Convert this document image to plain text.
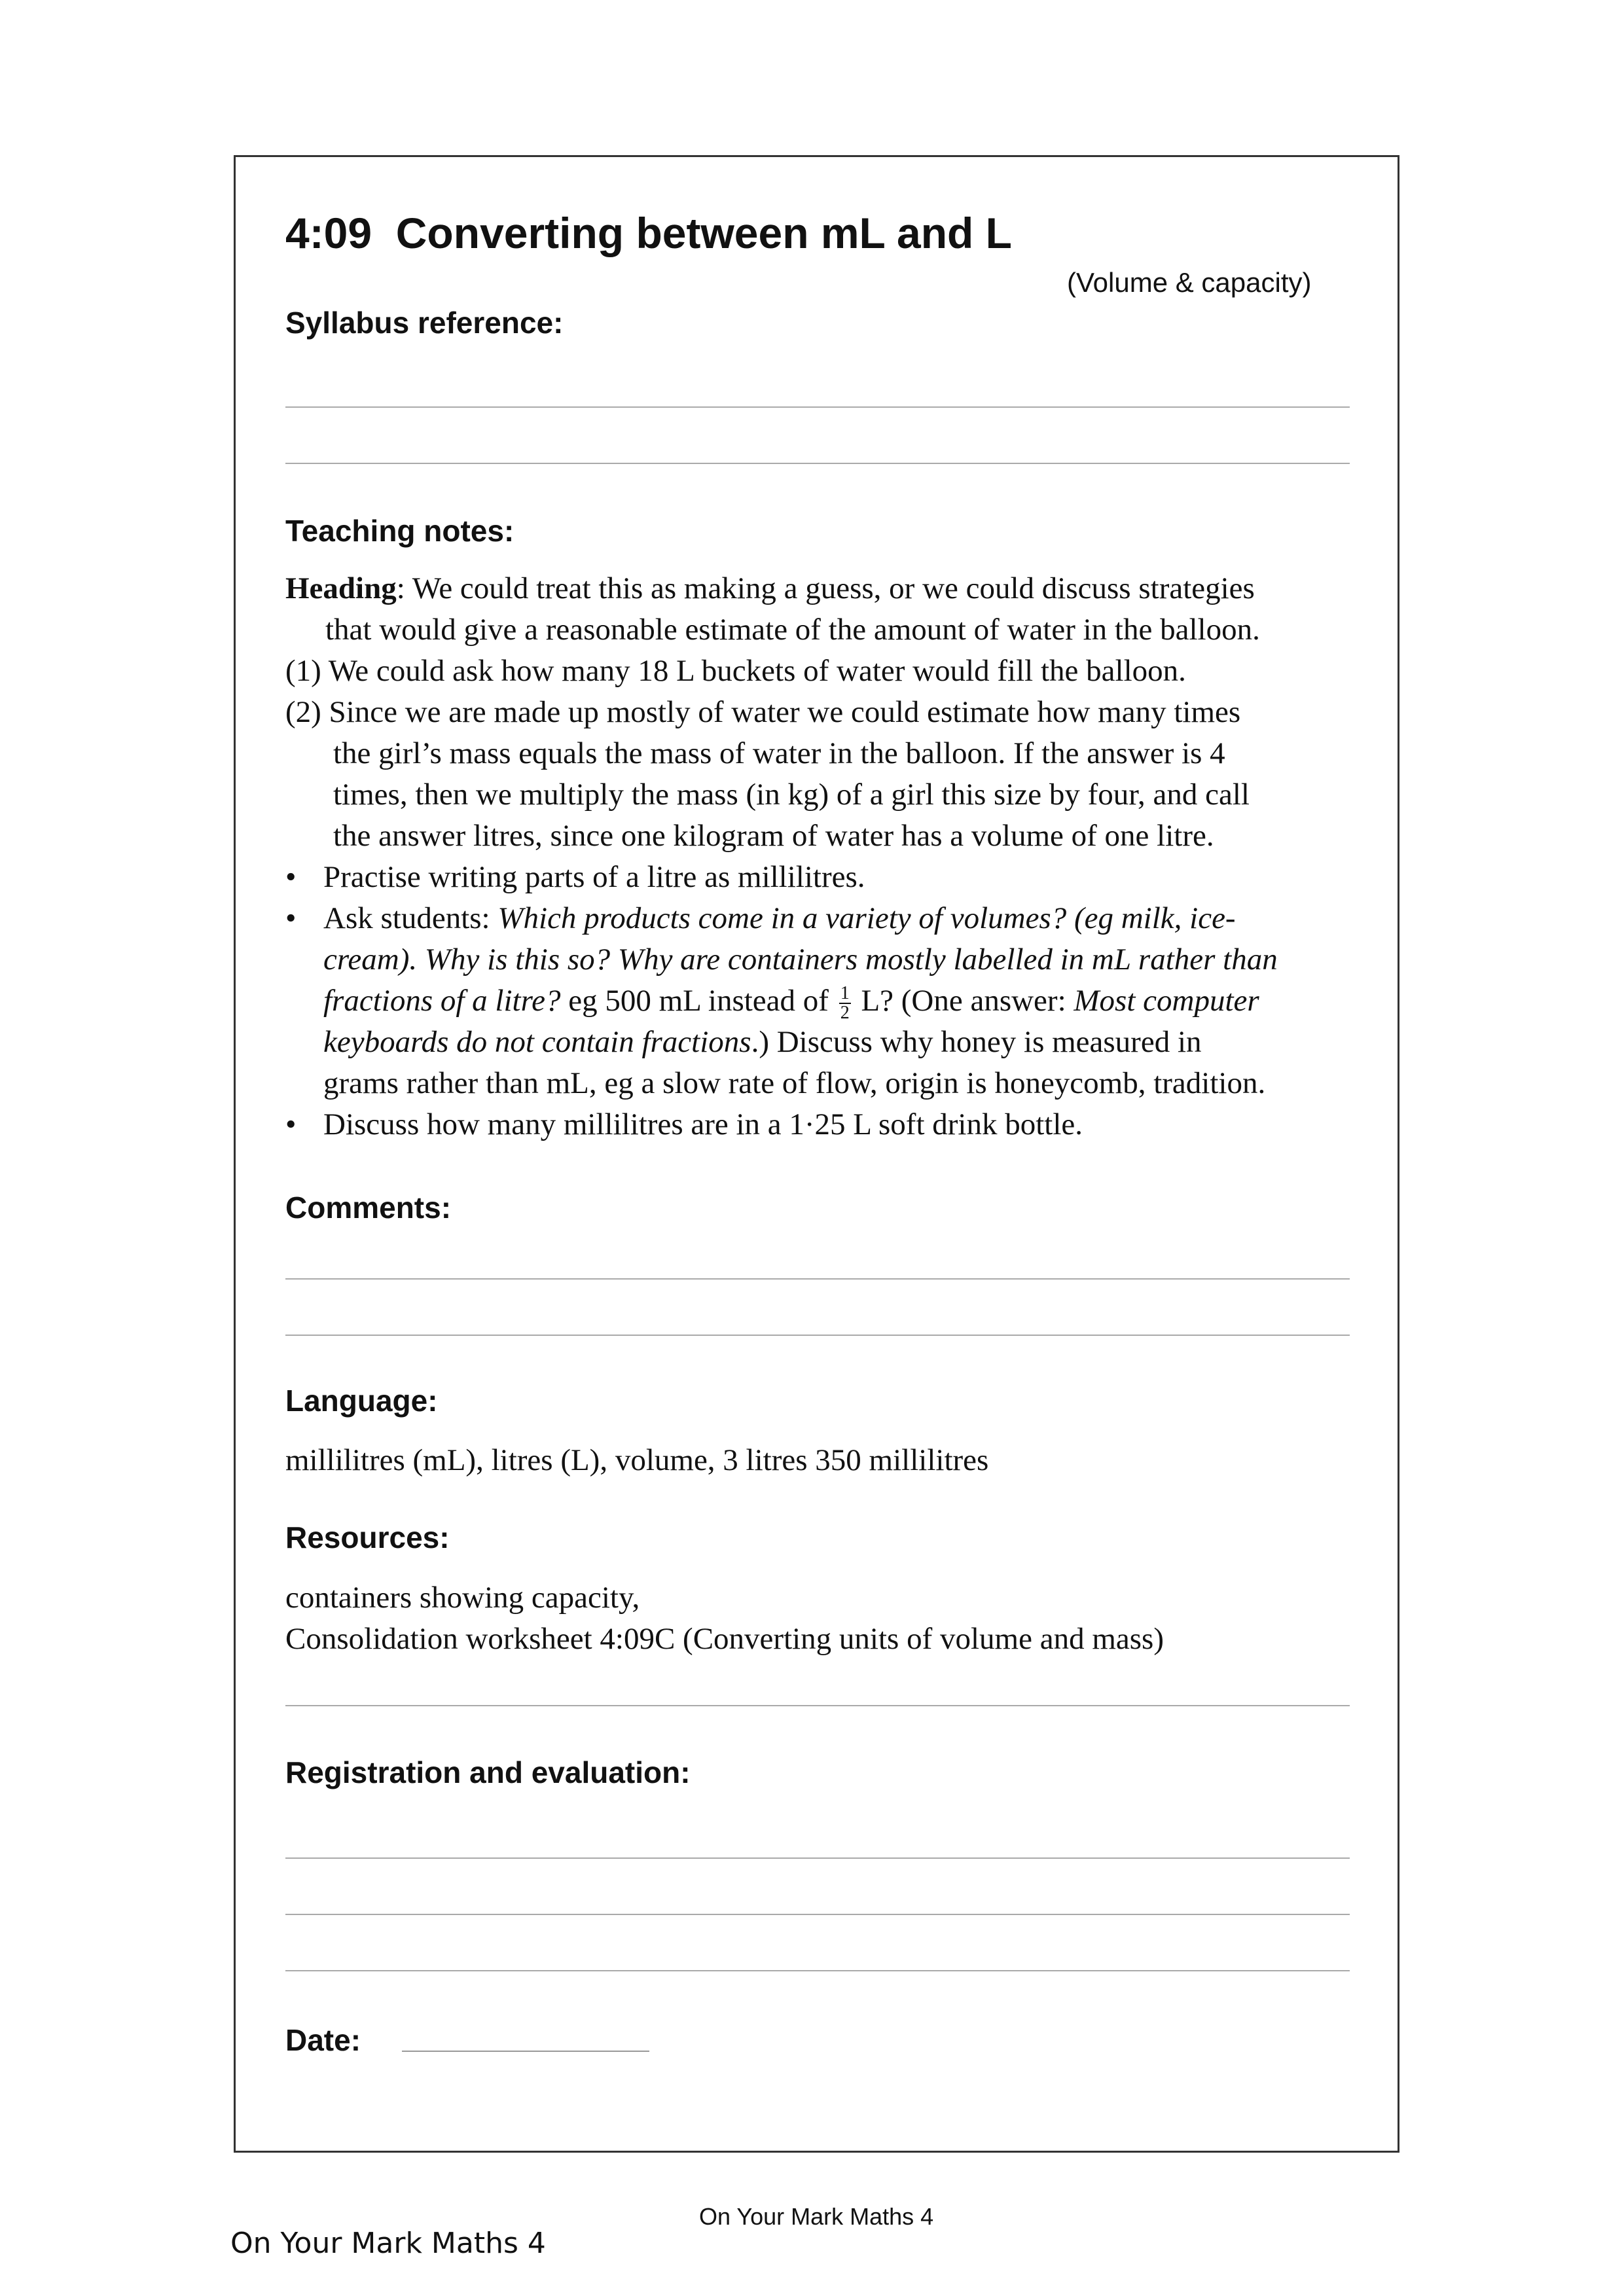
4:09  Converting between mL and L
(Volume & capacity)
Syllabus reference:
Teaching notes:
Heading: We could treat this as making a guess, or we could discuss strategies
that would give a reasonable estimate of the amount of water in the balloon.
(1) We could ask how many 18 L buckets of water would fill the balloon.
(2) Since we are made up mostly of water we could estimate how many times
the girl’s mass equals the mass of water in the balloon. If the answer is 4
times, then we multiply the mass (in kg) of a girl this size by four, and call
the answer litres, since one kilogram of water has a volume of one litre.
• Practise writing parts of a litre as millilitres.
• Ask students: Which products come in a variety of volumes? (eg milk, ice-
cream). Why is this so? Why are containers mostly labelled in mL rather than
fractions of a litre? eg 500 mL instead of $\frac{1}{2} L$? (One answer: Most computer
keyboards do not contain fractions.) Discuss why honey is measured in
grams rather than mL, eg a slow rate of flow, origin is honeycomb, tradition.
• Discuss how many millilitres are in a 1·25 L soft drink bottle.
Comments:
Language:
millilitres (mL), litres (L), volume, 3 litres 350 millilitres
Resources:
containers showing capacity,
Consolidation worksheet 4:09C (Converting units of volume and mass)
Registration and evaluation:
Date:
On Your Mark Maths 4
On Your Mark Maths 4
